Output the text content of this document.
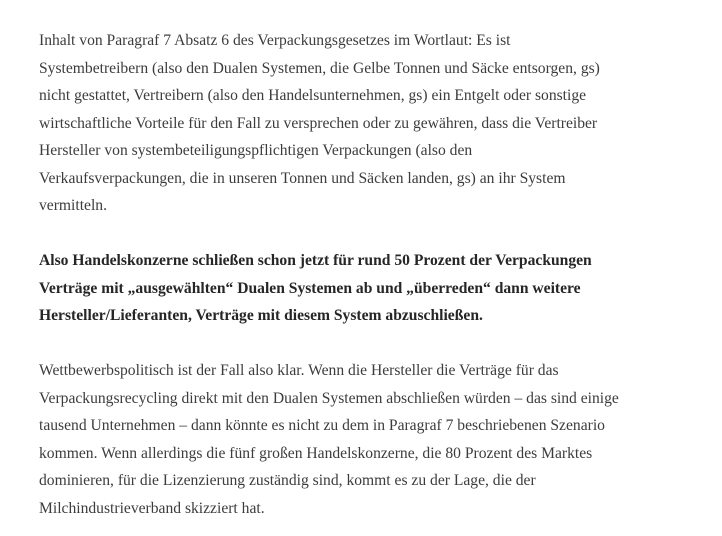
Inhalt von Paragraf 7 Absatz 6 des Verpackungsgesetzes im Wortlaut: Es ist
Systembetreibern (also den Dualen Systemen, die Gelbe Tonnen und Säcke entsorgen, gs)
nicht gestattet, Vertreibern (also den Handelsunternehmen, gs) ein Entgelt oder sonstige
wirtschaftliche Vorteile für den Fall zu versprechen oder zu gewähren, dass die Vertreiber
Hersteller von systembeteiligungspflichtigen Verpackungen (also den
Verkaufsverpackungen, die in unseren Tonnen und Säcken landen, gs) an ihr System
vermitteln.

Also Handelskonzerne schließen schon jetzt für rund 50 Prozent der Verpackungen
Verträge mit „ausgewählten“ Dualen Systemen ab und „überreden“ dann weitere
Hersteller/Lieferanten, Verträge mit diesem System abzuschließen.

Wettbewerbspolitisch ist der Fall also klar. Wenn die Hersteller die Verträge für das
Verpackungsrecycling direkt mit den Dualen Systemen abschließen würden – das sind einige
tausend Unternehmen – dann könnte es nicht zu dem in Paragraf 7 beschriebenen Szenario
kommen. Wenn allerdings die fünf großen Handelskonzerne, die 80 Prozent des Marktes
dominieren, für die Lizenzierung zuständig sind, kommt es zu der Lage, die der
Milchindustrieverband skizziert hat.
